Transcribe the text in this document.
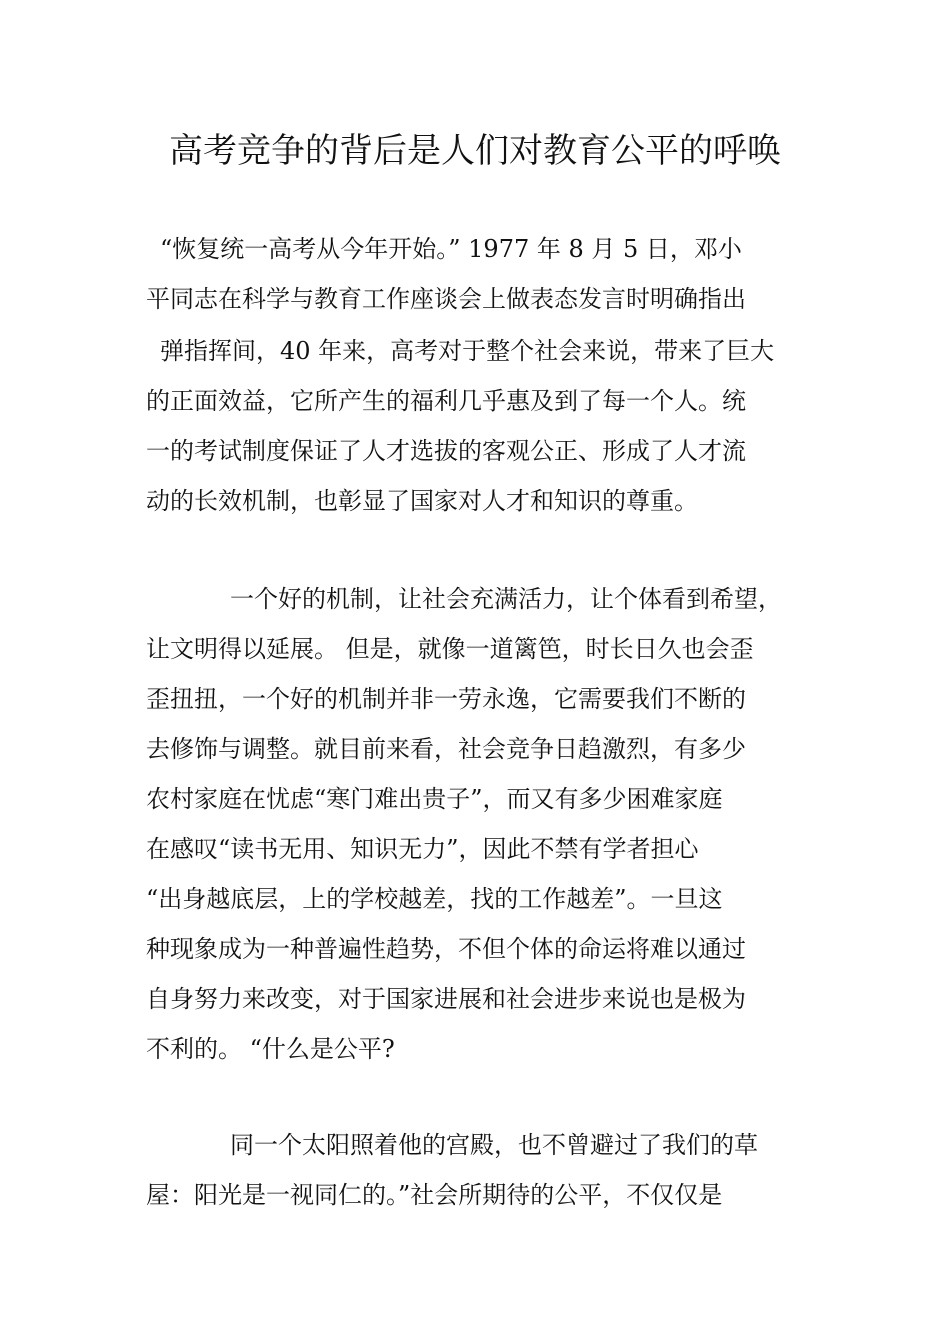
高考竞争的背后是人们对教育公平的呼唤
“恢复统一高考从今年开始。” 1977 年 8 月 5 日，邓小
平同志在科学与教育工作座谈会上做表态发言时明确指出
弹指挥间，40 年来，高考对于整个社会来说，带来了巨大
的正面效益，它所产生的福利几乎惠及到了每一个人。统
一的考试制度保证了人才选拔的客观公正、形成了人才流
动的长效机制，也彰显了国家对人才和知识的尊重。
一个好的机制，让社会充满活力，让个体看到希望，
让文明得以延展。 但是，就像一道篱笆，时长日久也会歪
歪扭扭，一个好的机制并非一劳永逸，它需要我们不断的
去修饰与调整。就目前来看，社会竞争日趋激烈，有多少
农村家庭在忧虑“寒门难出贵子”，而又有多少困难家庭
在感叹“读书无用、知识无力”，因此不禁有学者担心
“出身越底层，上的学校越差，找的工作越差”。一旦这
种现象成为一种普遍性趋势，不但个体的命运将难以通过
自身努力来改变，对于国家进展和社会进步来说也是极为
不利的。 “什么是公平?
同一个太阳照着他的宫殿，也不曾避过了我们的草
屋：阳光是一视同仁的。”社会所期待的公平，不仅仅是
